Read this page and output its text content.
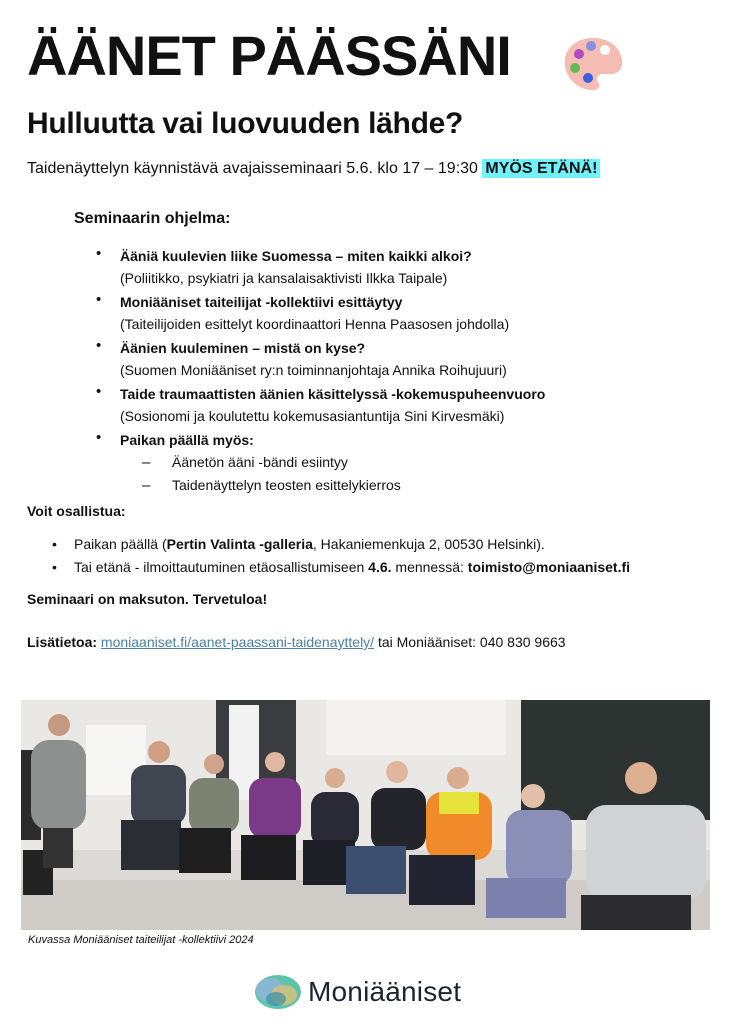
ÄÄNET PÄÄSSÄNI
Hulluutta vai luovuuden lähde?
Taidenäyttelyn käynnistävä avajaisseminaari 5.6. klo 17 – 19:30 MYÖS ETÄNÄ!
Seminaarin ohjelma:
• Ääniä kuulevien liike Suomessa – miten kaikki alkoi?
(Poliitikko, psykiatri ja kansalaisaktivisti Ilkka Taipale)
• Moniääniset taiteilijat -kollektiivi esittäytyy
(Taiteilijoiden esittelyt koordinaattori Henna Paasosen johdolla)
• Äänien kuuleminen – mistä on kyse?
(Suomen Moniääniset ry:n toiminnanjohtaja Annika Roihujuuri)
• Taide traumaattisten äänien käsittelyssä -kokemuspuheenvuoro
(Sosionomi ja koulutettu kokemusasiantuntija Sini Kirvesmäki)
• Paikan päällä myös:
– Äänetön ääni -bändi esiintyy
– Taidenäyttelyn teosten esittelykierros
Voit osallistua:
• Paikan päällä (Pertin Valinta -galleria, Hakaniemenkuja 2, 00530 Helsinki).
• Tai etänä - ilmoittautuminen etäosallistumiseen 4.6. mennessä: toimisto@moniaaniset.fi
Seminaari on maksuton. Tervetuloa!
Lisätietoa: moniaaniset.fi/aanet-paassani-taidenayttely/ tai Moniääniset: 040 830 9663
Kuvassa Moniääniset taiteilijat -kollektiivi 2024
Moniääniset
